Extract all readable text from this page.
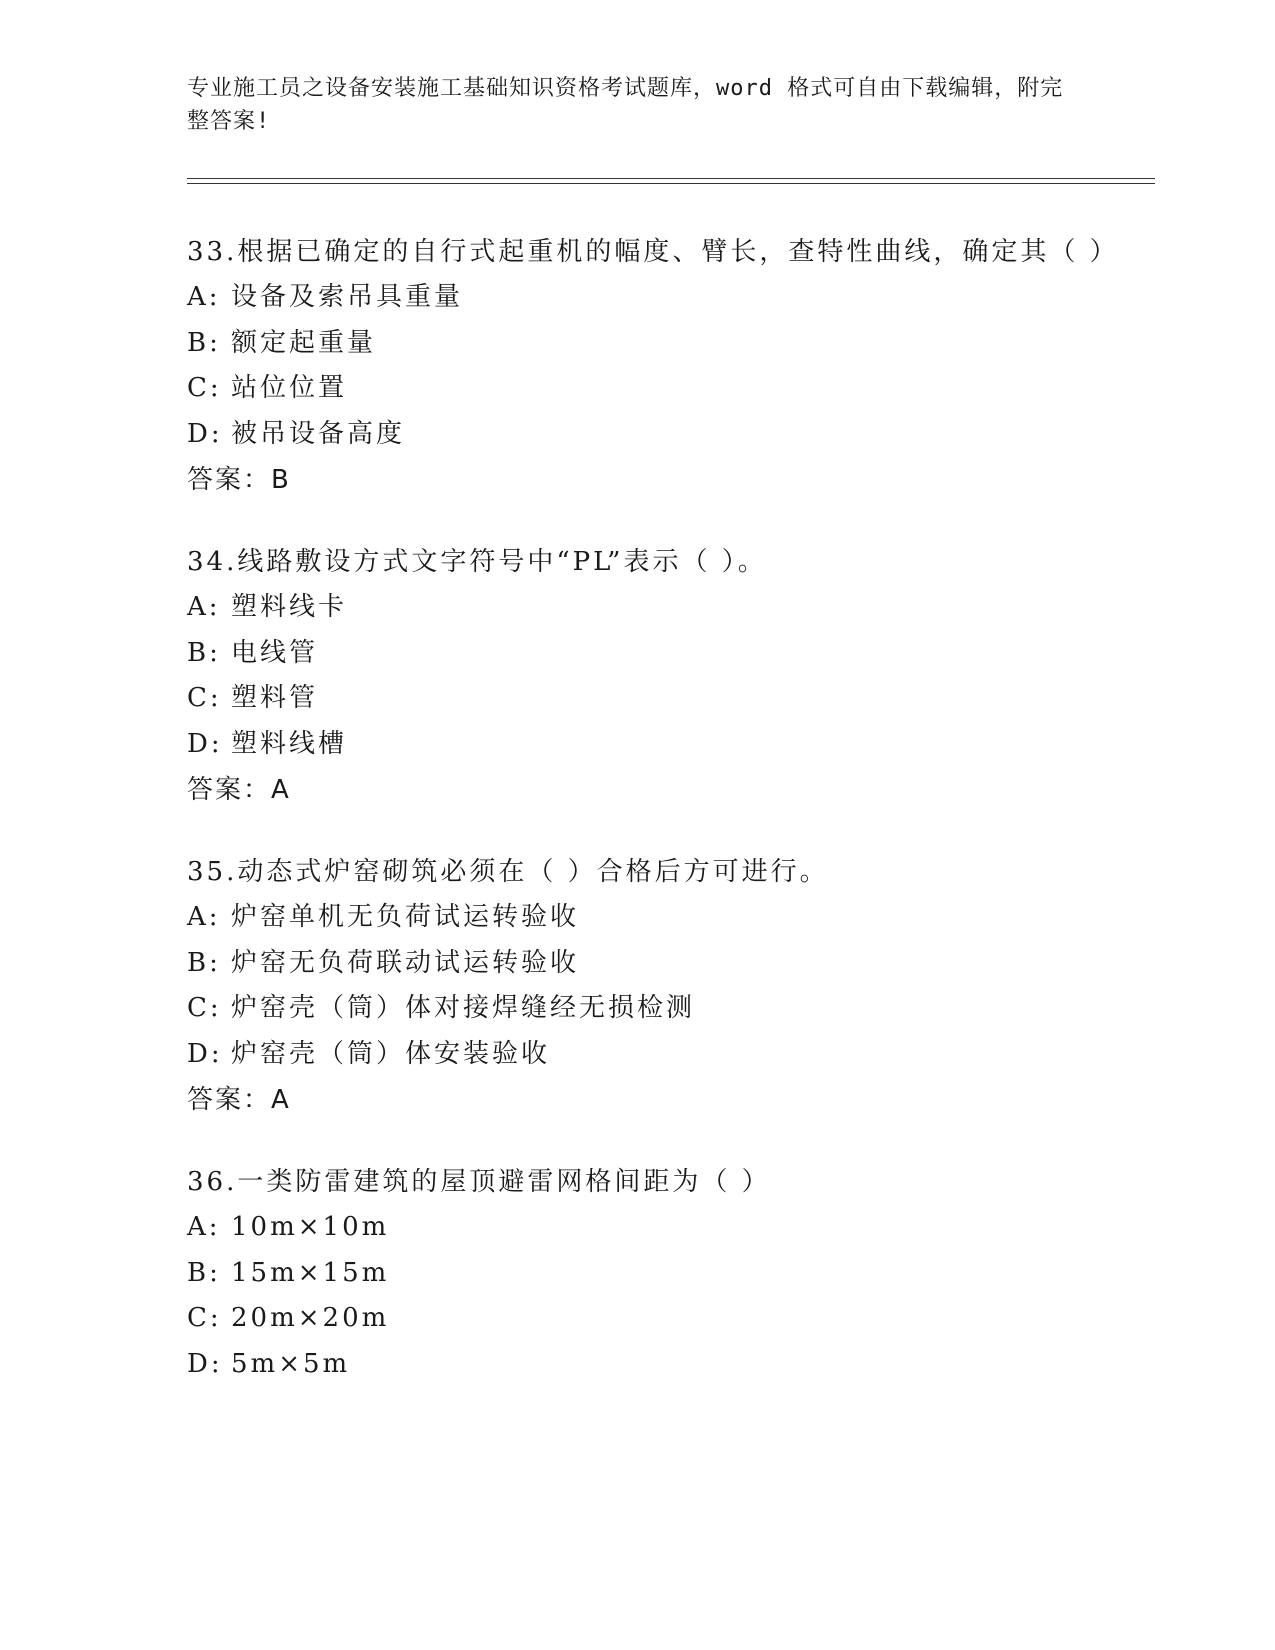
专业施工员之设备安装施工基础知识资格考试题库，word 格式可自由下载编辑，附完整答案!

33.根据已确定的自行式起重机的幅度、臂长，查特性曲线，确定其（ ）

A: 设备及索吊具重量

B: 额定起重量

C: 站位位置

D: 被吊设备高度

答案：B

34.线路敷设方式文字符号中“PL”表示（ ）。

A: 塑料线卡

B: 电线管

C: 塑料管

D: 塑料线槽

答案：A

35.动态式炉窑砌筑必须在（ ）合格后方可进行。

A: 炉窑单机无负荷试运转验收

B: 炉窑无负荷联动试运转验收

C: 炉窑壳（筒）体对接焊缝经无损检测

D: 炉窑壳（筒）体安装验收

答案：A

36.一类防雷建筑的屋顶避雷网格间距为（ ）

A: 10m×10m

B: 15m×15m

C: 20m×20m

D: 5m×5m
